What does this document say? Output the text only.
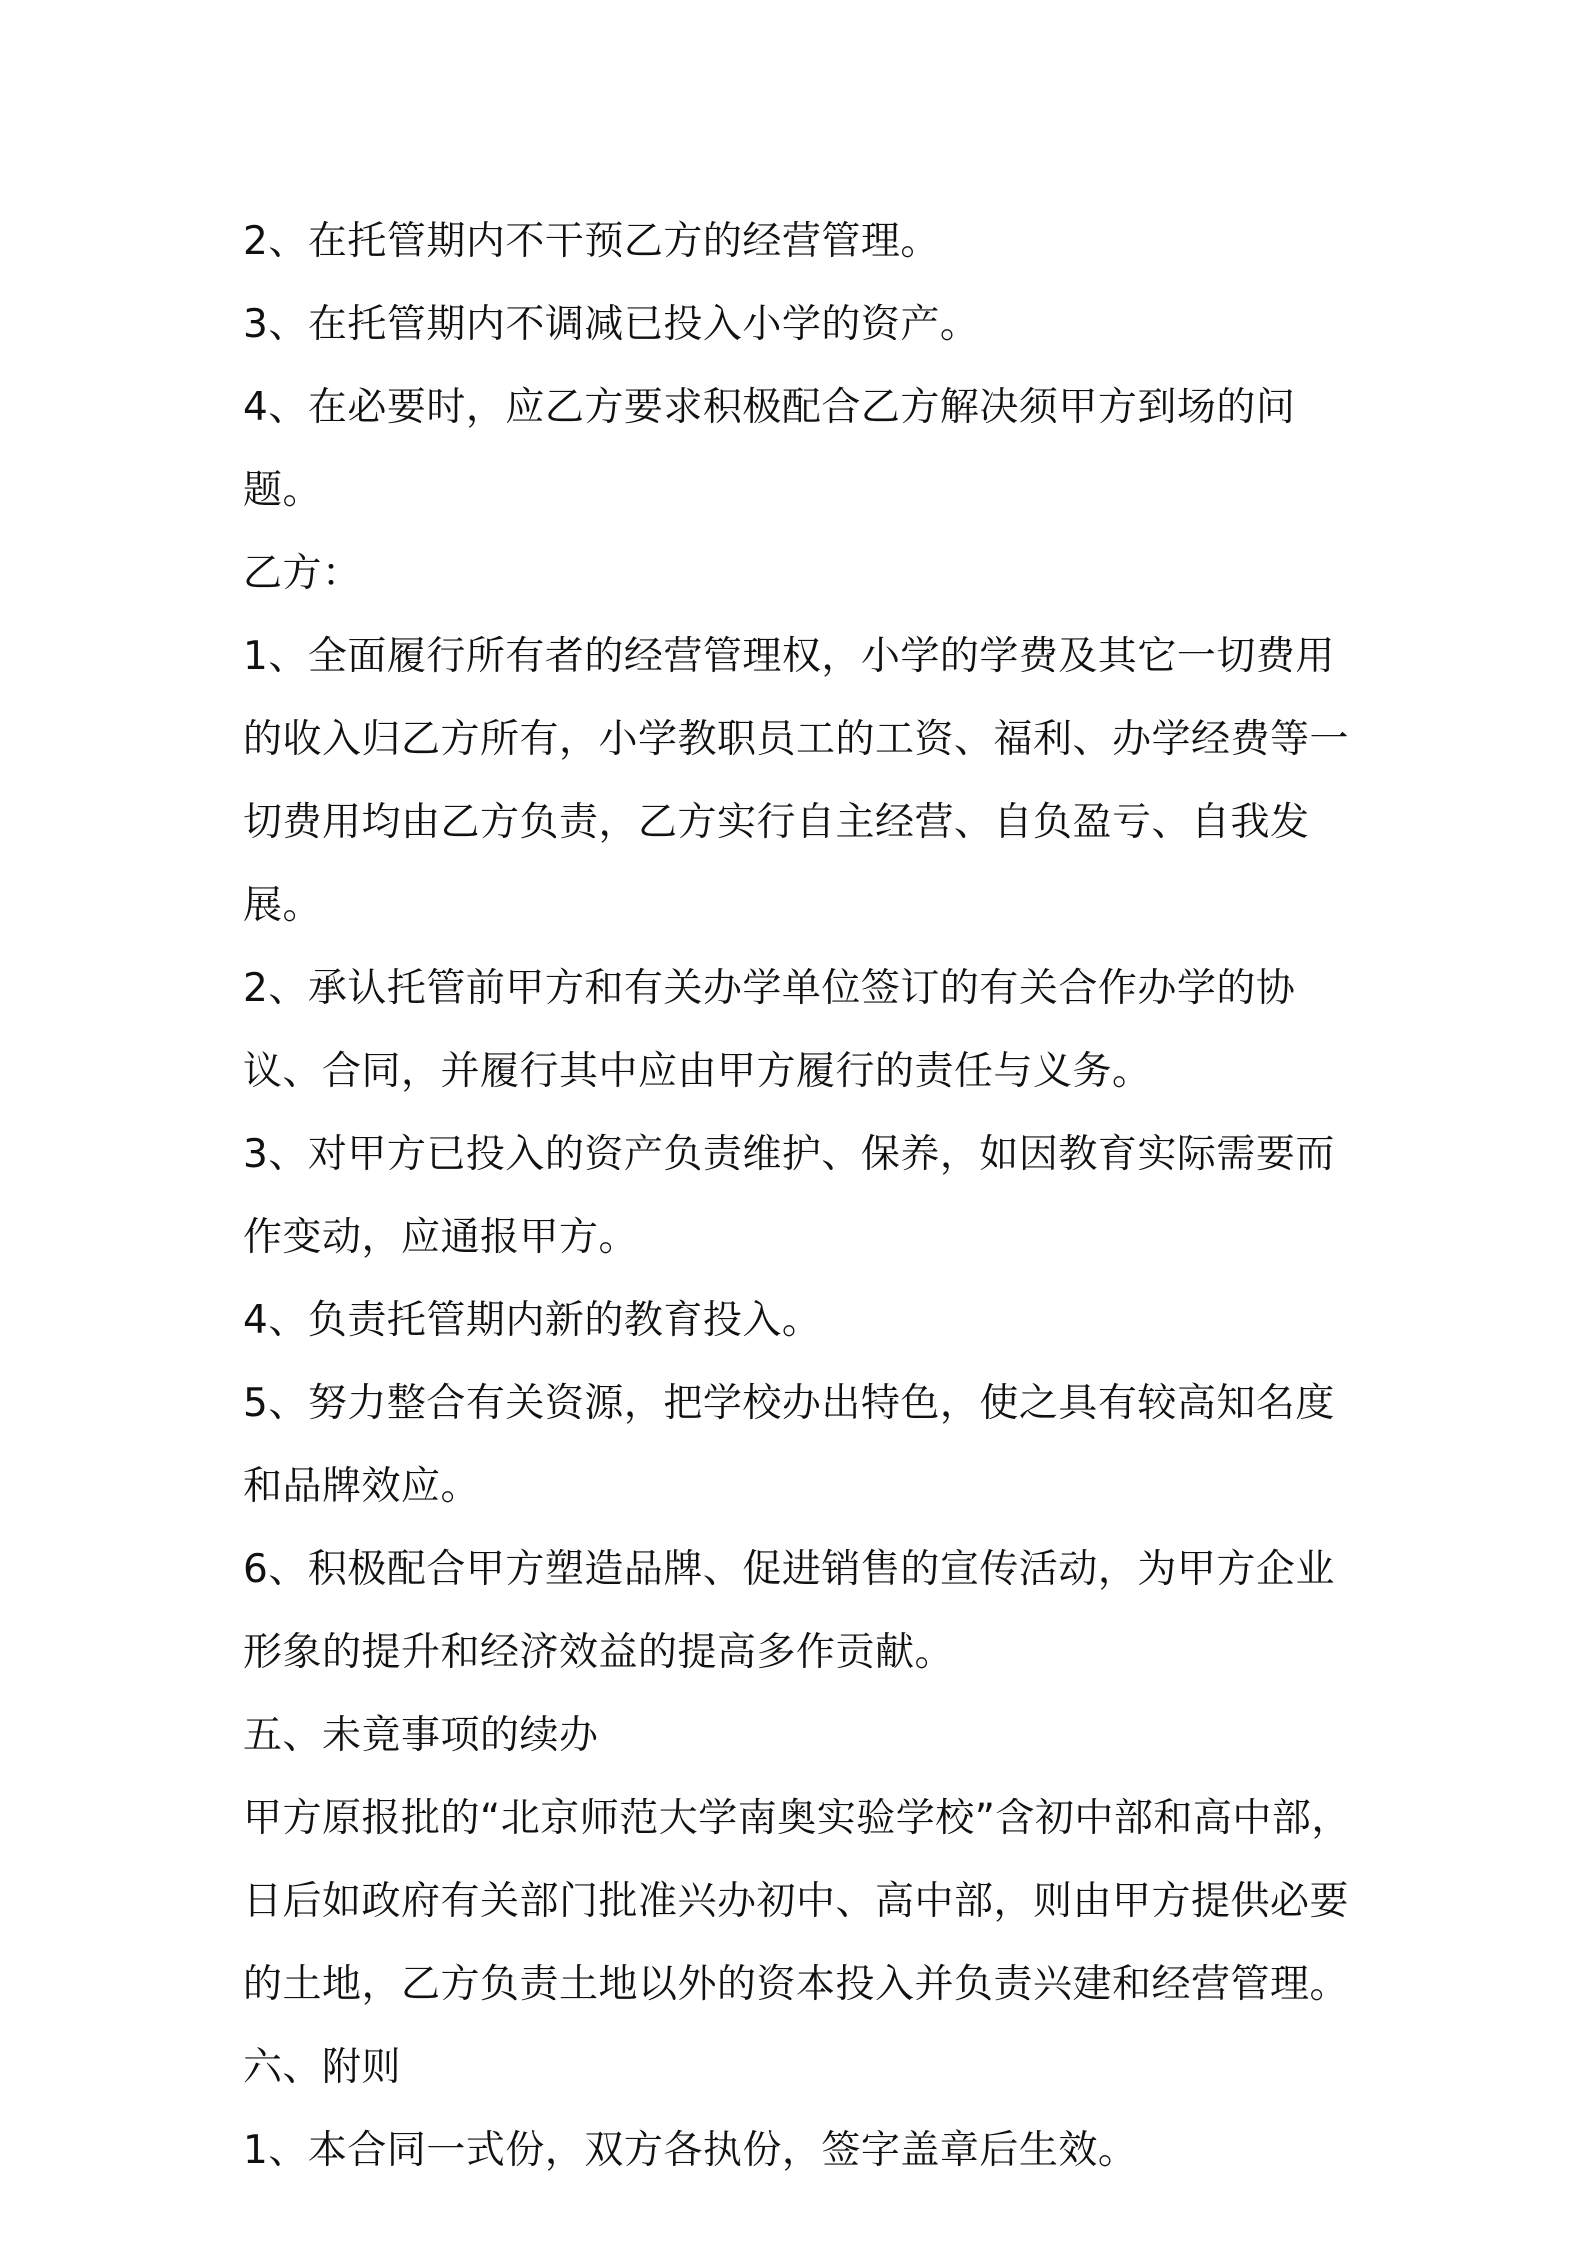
2、在托管期内不干预乙方的经营管理。

3、在托管期内不调减已投入小学的资产。

4、在必要时，应乙方要求积极配合乙方解决须甲方到场的问题。

乙方：

1、全面履行所有者的经营管理权，小学的学费及其它一切费用的收入归乙方所有，小学教职员工的工资、福利、办学经费等一切费用均由乙方负责，乙方实行自主经营、自负盈亏、自我发展。

2、承认托管前甲方和有关办学单位签订的有关合作办学的协议、合同，并履行其中应由甲方履行的责任与义务。

3、对甲方已投入的资产负责维护、保养，如因教育实际需要而作变动，应通报甲方。

4、负责托管期内新的教育投入。

5、努力整合有关资源，把学校办出特色，使之具有较高知名度和品牌效应。

6、积极配合甲方塑造品牌、促进销售的宣传活动，为甲方企业形象的提升和经济效益的提高多作贡献。

五、未竟事项的续办

甲方原报批的“北京师范大学南奥实验学校”含初中部和高中部，日后如政府有关部门批准兴办初中、高中部，则由甲方提供必要的土地，乙方负责土地以外的资本投入并负责兴建和经营管理。

六、附则

1、本合同一式份，双方各执份，签字盖章后生效。
